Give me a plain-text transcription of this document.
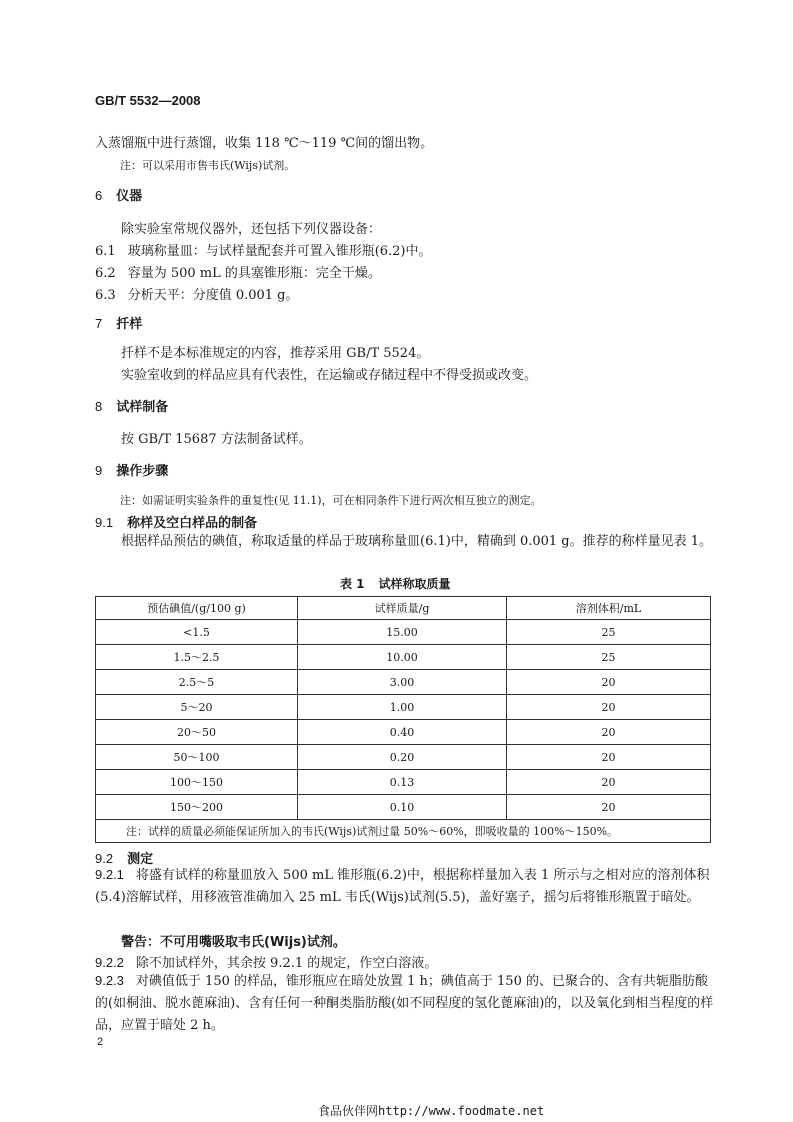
GB/T 5532—2008
入蒸馏瓶中进行蒸馏，收集 118 ℃～119 ℃间的馏出物。
注：可以采用市售韦氏(Wijs)试剂。
6 仪器
除实验室常规仪器外，还包括下列仪器设备：
6.1 玻璃称量皿：与试样量配套并可置入锥形瓶(6.2)中。
6.2 容量为 500 mL 的具塞锥形瓶：完全干燥。
6.3 分析天平：分度值 0.001 g。
7 扦样
扦样不是本标准规定的内容，推荐采用 GB/T 5524。
实验室收到的样品应具有代表性，在运输或存储过程中不得受损或改变。
8 试样制备
按 GB/T 15687 方法制备试样。
9 操作步骤
注：如需证明实验条件的重复性(见 11.1)，可在相同条件下进行两次相互独立的测定。
9.1 称样及空白样品的制备
根据样品预估的碘值，称取适量的样品于玻璃称量皿(6.1)中，精确到 0.001 g。推荐的称样量见表 1。
表 1 试样称取质量
预估碘值/(g/100 g)	试样质量/g	溶剂体积/mL
<1.5	15.00	25
1.5～2.5	10.00	25
2.5～5	3.00	20
5～20	1.00	20
20～50	0.40	20
50～100	0.20	20
100～150	0.13	20
150～200	0.10	20
注：试样的质量必须能保证所加入的韦氏(Wijs)试剂过量 50%～60%，即吸收量的 100%～150%。		
9.2 测定
9.2.1 将盛有试样的称量皿放入 500 mL 锥形瓶(6.2)中，根据称样量加入表 1 所示与之相对应的溶剂体积(5.4)溶解试样，用移液管准确加入 25 mL 韦氏(Wijs)试剂(5.5)，盖好塞子，摇匀后将锥形瓶置于暗处。
警告：不可用嘴吸取韦氏(Wijs)试剂。
9.2.2 除不加试样外，其余按 9.2.1 的规定，作空白溶液。
9.2.3 对碘值低于 150 的样品，锥形瓶应在暗处放置 1 h；碘值高于 150 的、已聚合的、含有共轭脂肪酸的(如桐油、脱水蓖麻油)、含有任何一种酮类脂肪酸(如不同程度的氢化蓖麻油)的，以及氧化到相当程度的样品，应置于暗处 2 h。
2
食品伙伴网http://www.foodmate.net
